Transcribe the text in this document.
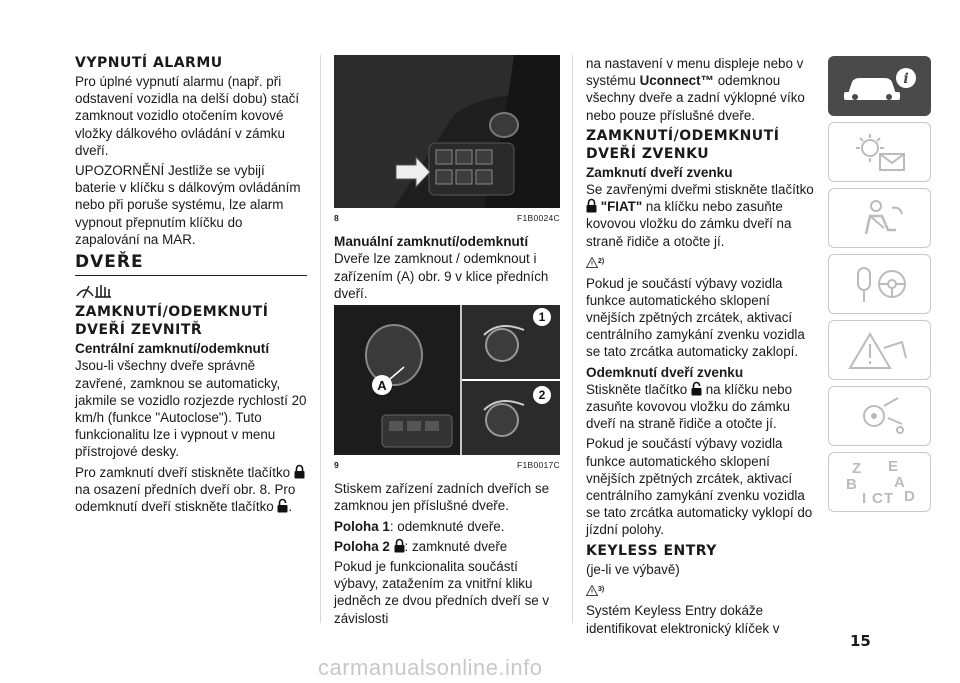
VYPNUTÍ ALARMU

Pro úplné vypnutí alarmu (např. při odstavení vozidla na delší dobu) stačí zamknout vozidlo otočením kovové vložky dálkového ovládání v zámku dveří.

UPOZORNĚNÍ Jestliže se vybijí baterie v klíčku s dálkovým ovládáním nebo při poruše systému, lze alarm vypnout přepnutím klíčku do zapalování na MAR.

DVEŘE
ZAMKNUTÍ/ODEMKNUTÍ
DVEŘÍ ZEVNITŘ
Centrální zamknutí/odemknutí

Jsou-li všechny dveře správně zavřené, zamknou se automaticky, jakmile se vozidlo rozjezde rychlostí 20 km/h (funkce "Autoclose"). Tuto funkcionalitu lze i vypnout v menu přístrojové desky.

Pro zamknutí dveří stiskněte tlačítko  na osazení předních dveří obr. 8. Pro odemknutí dveří stiskněte tlačítko .

8	F1B0024C
Manuální zamknutí/odemknutí

Dveře lze zamknout / odemknout i zařízením (A) obr. 9 v klice předních dveří.

1
2
A
9	F1B0017C

Stiskem zařízení zadních dveřích se zamknou jen příslušné dveře.

Poloha 1: odemknuté dveře.

Poloha 2 : zamknuté dveře

Pokud je funkcionalita součástí výbavy, zatažením za vnitřní kliku jedněch ze dvou předních dveří se v závislosti

na nastavení v menu displeje nebo v systému Uconnect™ odemknou všechny dveře a zadní výklopné víko nebo pouze příslušné dveře.

ZAMKNUTÍ/ODEMKNUTÍ
DVEŘÍ ZVENKU
Zamknutí dveří zvenku

Se zavřenými dveřmi stiskněte tlačítko
"FIAT" na klíčku nebo zasuňte kovovou vložku do zámku dveří na straně řidiče a otočte jí.

$^{2)}$

Pokud je součástí výbavy vozidla funkce automatického sklopení vnějších zpětných zrcátek, aktivací centrálního zamykání zvenku vozidla se tato zrcátka automaticky zaklopí.

Odemknutí dveří zvenku

Stiskněte tlačítko na klíčku nebo zasuňte kovovou vložku do zámku dveří na straně řidiče a otočte jí.

Pokud je součástí výbavy vozidla funkce automatického sklopení vnějších zpětných zrcátek, aktivací centrálního zamykání zvenku vozidla se tato zrcátka automaticky vyklopí do jízdní polohy.

KEYLESS ENTRY

(je-li ve výbavě)

$^{3)}$

Systém Keyless Entry dokáže identifikovat elektronický klíček v

i
Z E
B A
I C T D
15
carmanualsonline.info
